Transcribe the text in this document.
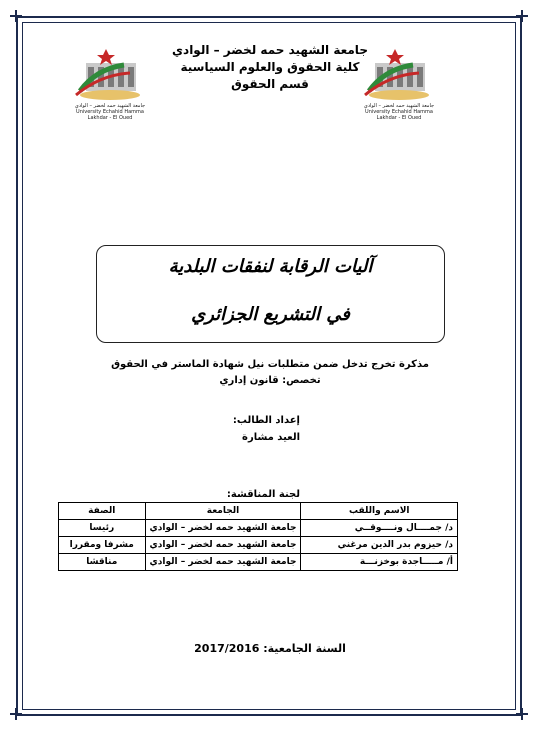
جامعة الشهيد حمه لخضر – الوادي
University Echahid Hamma Lakhdar - El Oued
جامعة الشهيد حمه لخضر – الوادي
University Echahid Hamma Lakhdar - El Oued
جامعة الشهيد حمه لخضر – الوادي
كلية الحقوق والعلوم السياسية
قسم الحقوق
آليات الرقابة لنفقات البلدية
في التشريع الجزائري
مذكرة تخرج تدخل ضمن متطلبات نيل شهادة الماستر في الحقوق
تخصص: قانون إداري
إعداد الطالب:
العيد مشارة
لجنة المناقشة:
الاسم واللقب	الجامعة	الصفة
د/ جمــــال ونــــوقــي	جامعة الشهيد حمه لخضر – الوادي	رئيسا
د/ حيزوم بدر الدين مرغني	جامعة الشهيد حمه لخضر – الوادي	مشرفا ومقررا
أ/ مـــــاجدة بوخزنـــة	جامعة الشهيد حمه لخضر – الوادي	مناقشا
السنة الجامعية: 2017/2016
